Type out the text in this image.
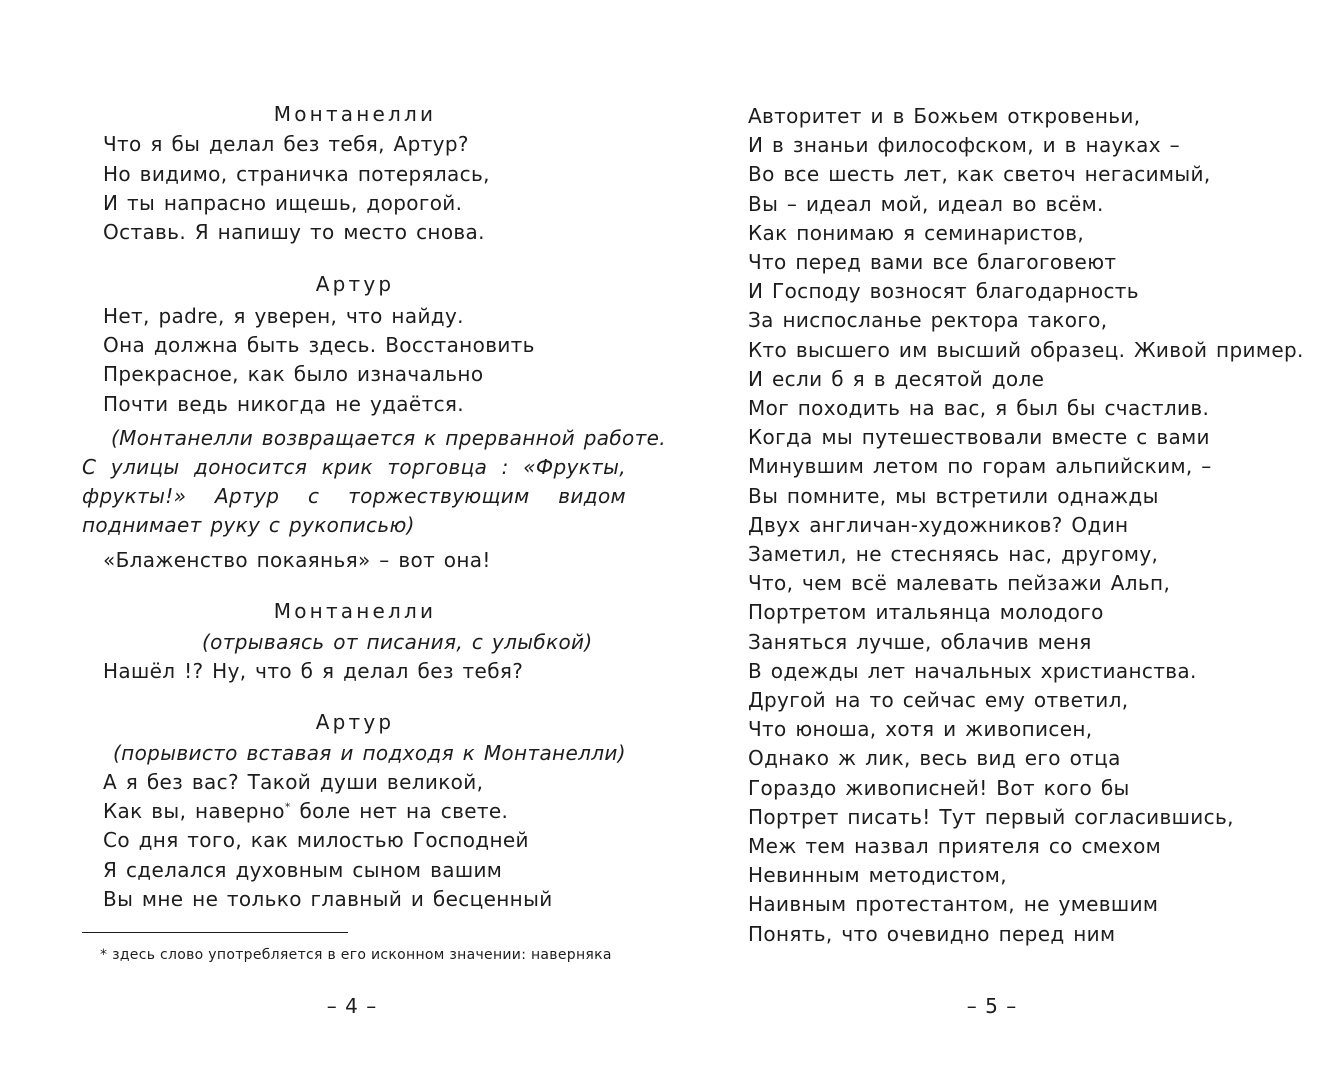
Монтанелли
Что я бы делал без тебя, Артур?
Но видимо, страничка потерялась,
И ты напрасно ищешь, дорогой.
Оставь. Я напишу то место снова.
Артур
Нет, padre, я уверен, что найду.
Она должна быть здесь. Восстановить
Прекрасное, как было изначально
Почти ведь никогда не удаётся.
(Монтанелли возвращается к прерванной работе.
С улицы доносится крик торговца : «Фрукты,
фрукты!» Артур с торжествующим видом
поднимает руку с рукописью)
«Блаженство покаянья» – вот она!
Монтанелли
(отрываясь от писания, с улыбкой)
Нашёл !? Ну, что б я делал без тебя?
Артур
(порывисто вставая и подходя к Монтанелли)
А я без вас? Такой души великой,
Как вы, наверно* боле нет на свете.
Со дня того, как милостью Господней
Я сделался духовным сыном вашим
Вы мне не только главный и бесценный
* здесь слово употребляется в его исконном значении: наверняка
– 4 –
Авторитет и в Божьем откровеньи,
И в знаньи философском, и в науках –
Во все шесть лет, как светоч негасимый,
Вы – идеал мой, идеал во всём.
Как понимаю я семинаристов,
Что перед вами все благоговеют
И Господу возносят благодарность
За ниспосланье ректора такого,
Кто высшего им высший образец. Живой пример.
И если б я в десятой доле
Мог походить на вас, я был бы счастлив.
Когда мы путешествовали вместе с вами
Минувшим летом по горам альпийским, –
Вы помните, мы встретили однажды
Двух англичан-художников? Один
Заметил, не стесняясь нас, другому,
Что, чем всё малевать пейзажи Альп,
Портретом итальянца молодого
Заняться лучше, облачив меня
В одежды лет начальных христианства.
Другой на то сейчас ему ответил,
Что юноша, хотя и живописен,
Однако ж лик, весь вид его отца
Гораздо живописней! Вот кого бы
Портрет писать! Тут первый согласившись,
Меж тем назвал приятеля со смехом
Невинным методистом,
Наивным протестантом, не умевшим
Понять, что очевидно перед ним
– 5 –
